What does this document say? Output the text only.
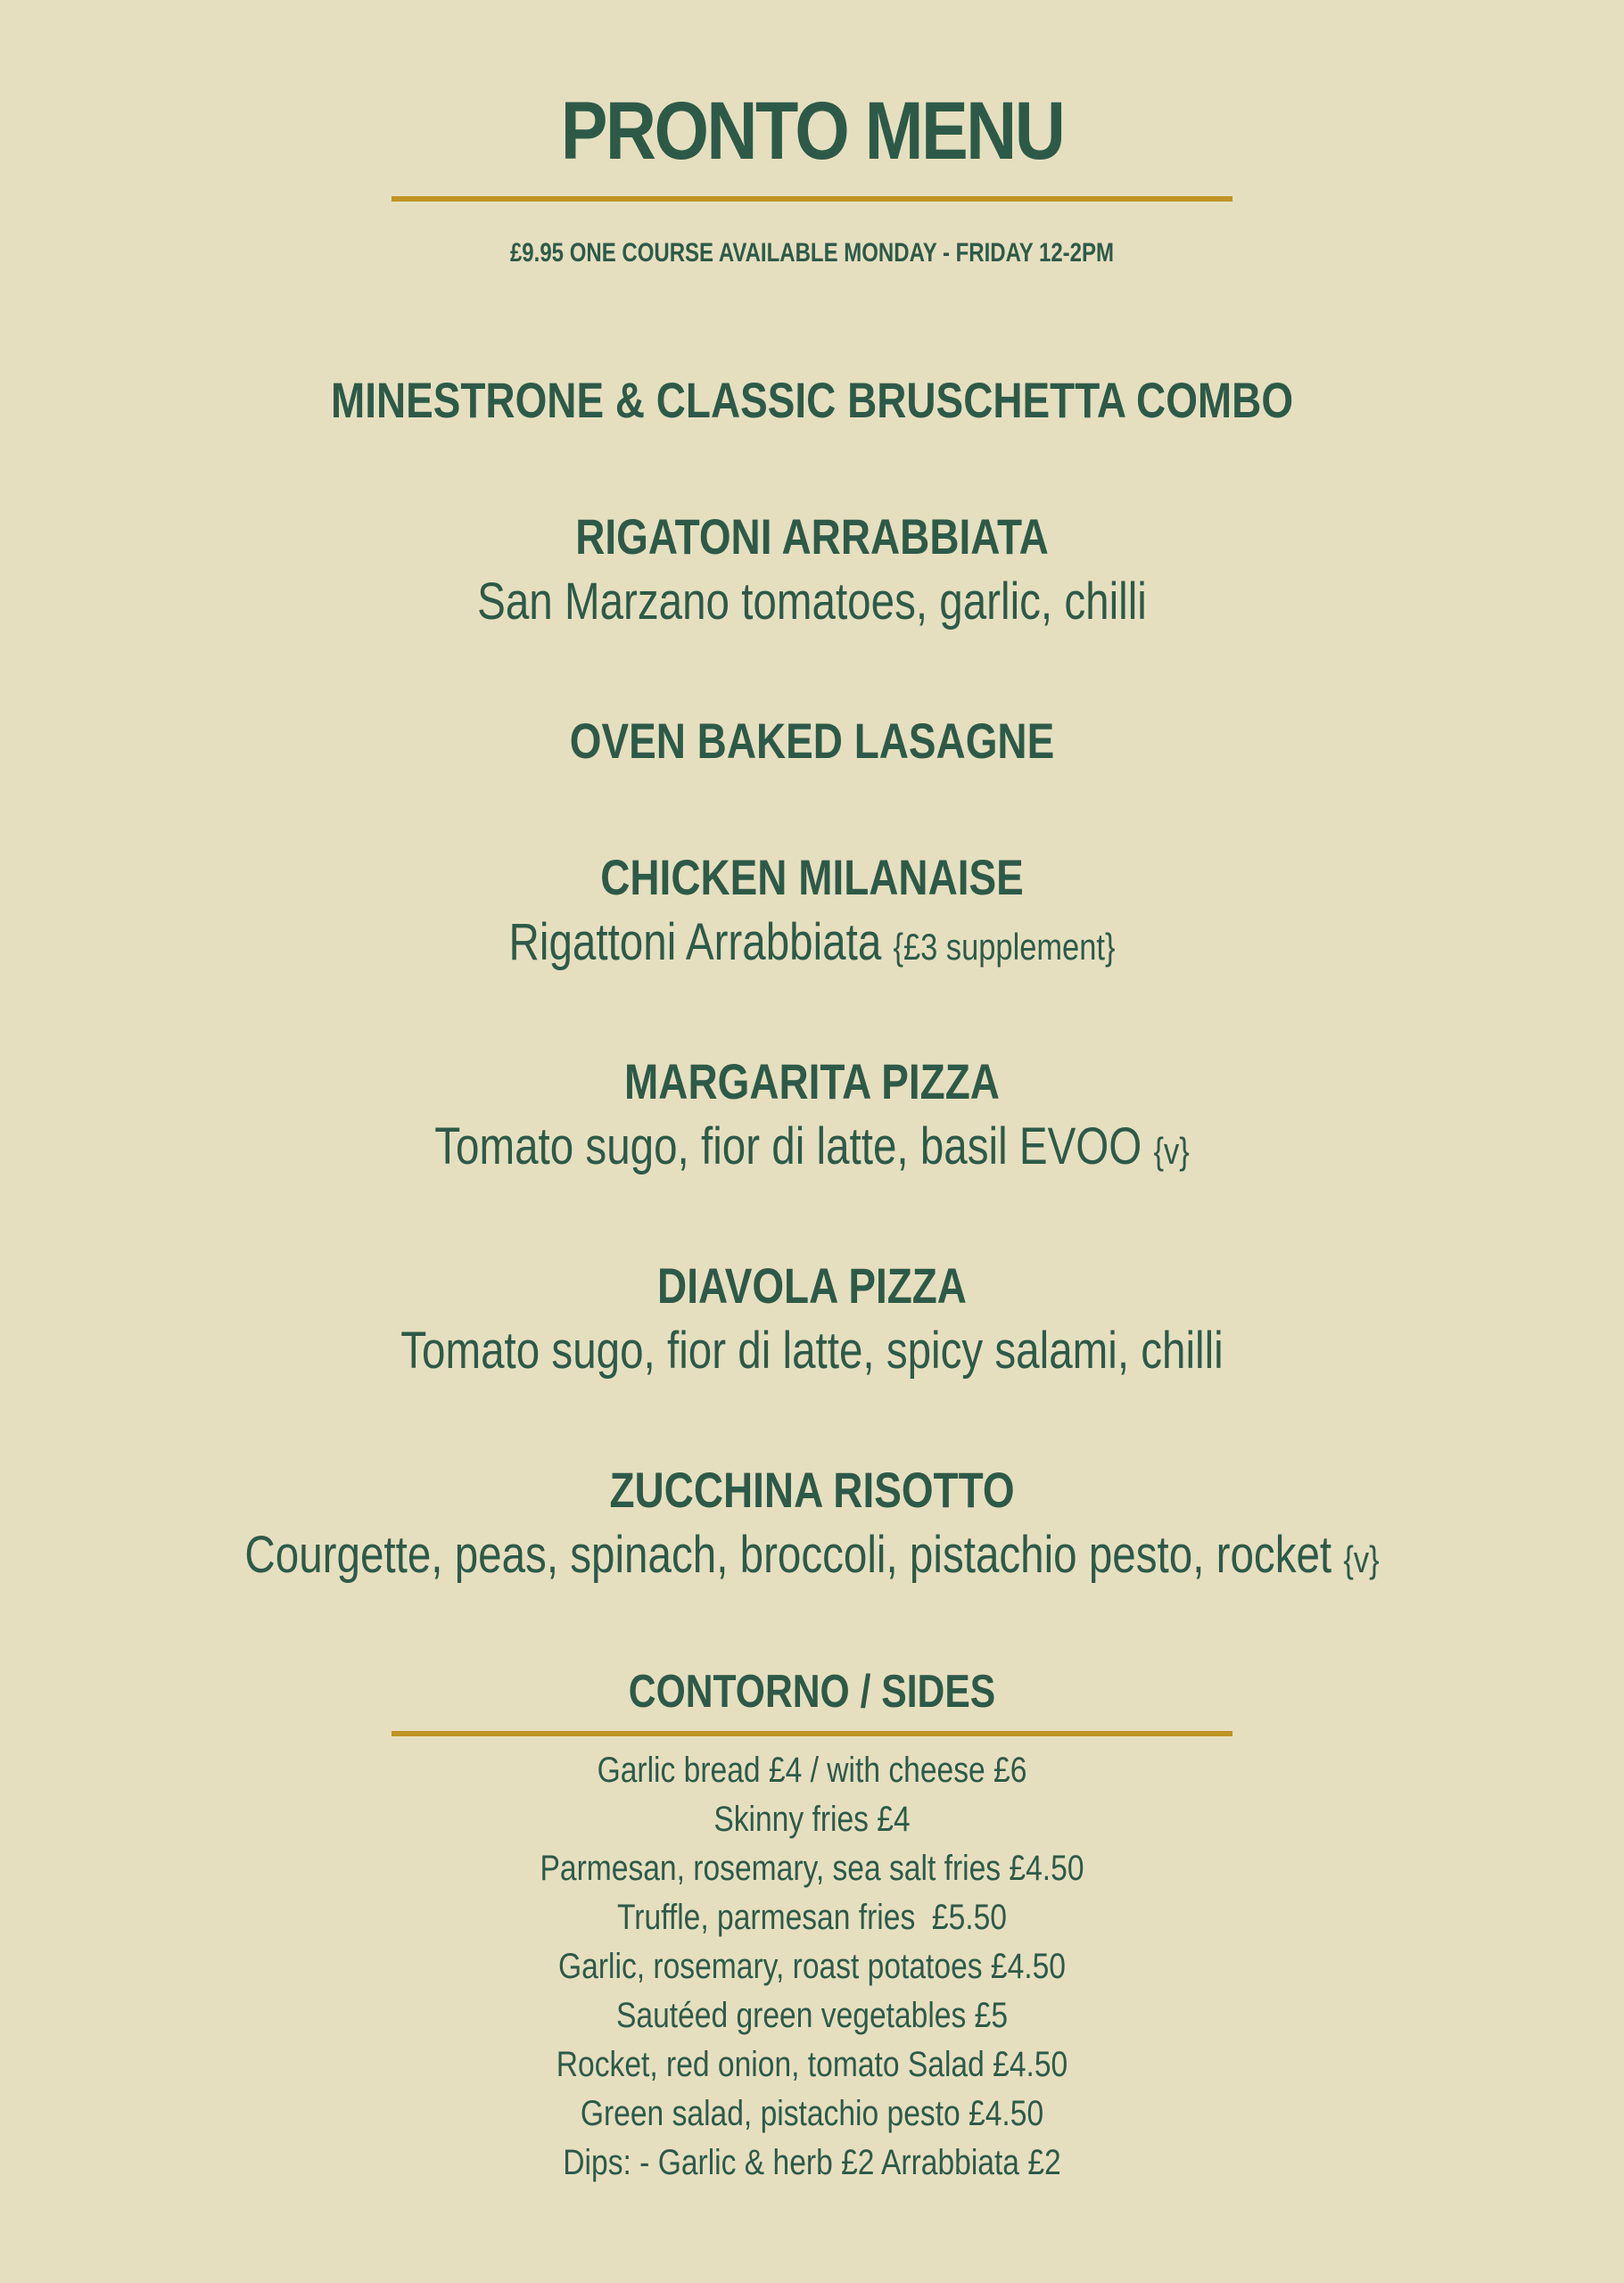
PRONTO MENU
£9.95 ONE COURSE AVAILABLE MONDAY - FRIDAY 12-2PM
MINESTRONE & CLASSIC BRUSCHETTA COMBO
RIGATONI ARRABBIATA
San Marzano tomatoes, garlic, chilli
OVEN BAKED LASAGNE
CHICKEN MILANAISE
Rigattoni Arrabbiata {£3 supplement}
MARGARITA PIZZA
Tomato sugo, fior di latte, basil EVOO {v}
DIAVOLA PIZZA
Tomato sugo, fior di latte, spicy salami, chilli
ZUCCHINA RISOTTO
Courgette, peas, spinach, broccoli, pistachio pesto, rocket {v}
CONTORNO / SIDES
Garlic bread £4 / with cheese £6
Skinny fries £4
Parmesan, rosemary, sea salt fries £4.50
Truffle, parmesan fries  £5.50
Garlic, rosemary, roast potatoes £4.50
Sautéed green vegetables £5
Rocket, red onion, tomato Salad £4.50
Green salad, pistachio pesto £4.50
Dips: - Garlic & herb £2 Arrabbiata £2
